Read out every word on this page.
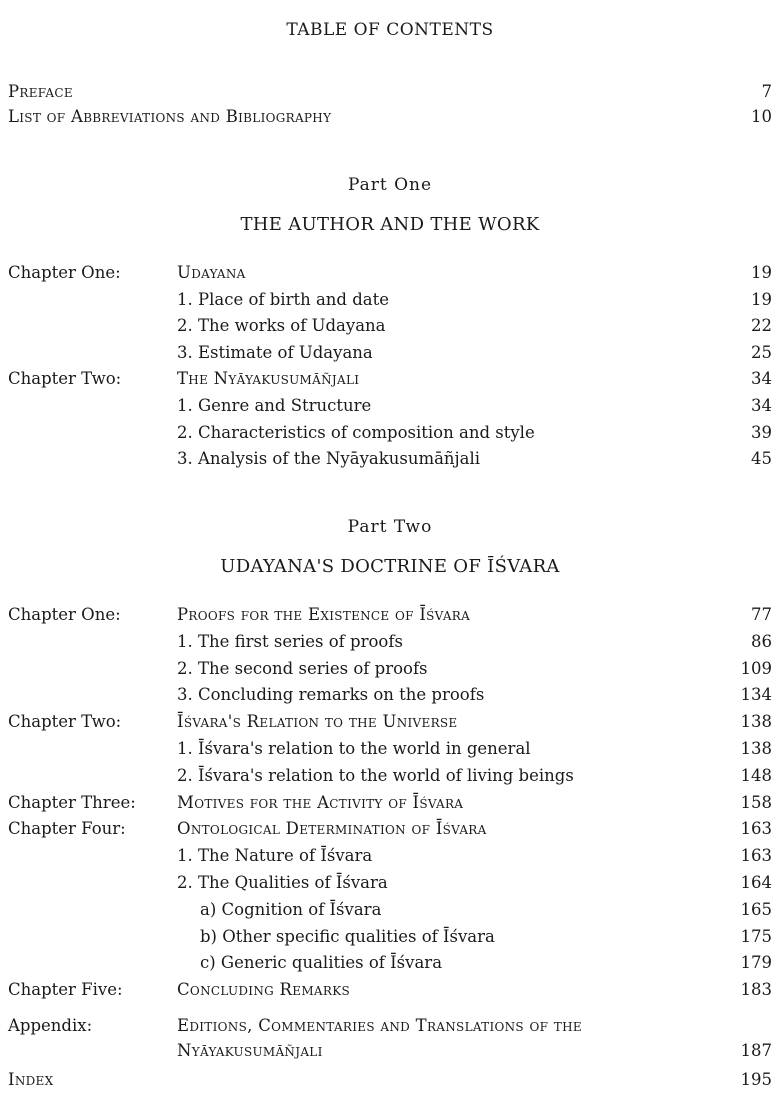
TABLE OF CONTENTS
Preface	7
List of Abbreviations and Bibliography	10
Part One
THE AUTHOR AND THE WORK
Chapter One:	Udayana	19
1. Place of birth and date	19
2. The works of Udayana	22
3. Estimate of Udayana	25
Chapter Two:	The Nyāyakusumāñjali	34
1. Genre and Structure	34
2. Characteristics of composition and style	39
3. Analysis of the Nyāyakusumāñjali	45
Part Two
UDAYANA'S DOCTRINE OF ĪŚVARA
Chapter One:	Proofs for the Existence of Īśvara	77
1. The first series of proofs	86
2. The second series of proofs	109
3. Concluding remarks on the proofs	134
Chapter Two:	Īśvara's Relation to the Universe	138
1. Īśvara's relation to the world in general	138
2. Īśvara's relation to the world of living beings	148
Chapter Three: Motives for the Activity of Īśvara	158
Chapter Four:	Ontological Determination of Īśvara	163
1. The Nature of Īśvara	163
2. The Qualities of Īśvara	164
a) Cognition of Īśvara	165
b) Other specific qualities of Īśvara	175
c) Generic qualities of Īśvara	179
Chapter Five:	Concluding Remarks	183
Appendix:	Editions, Commentaries and Translations of the
Nyāyakusumāñjali	187
Index	195
